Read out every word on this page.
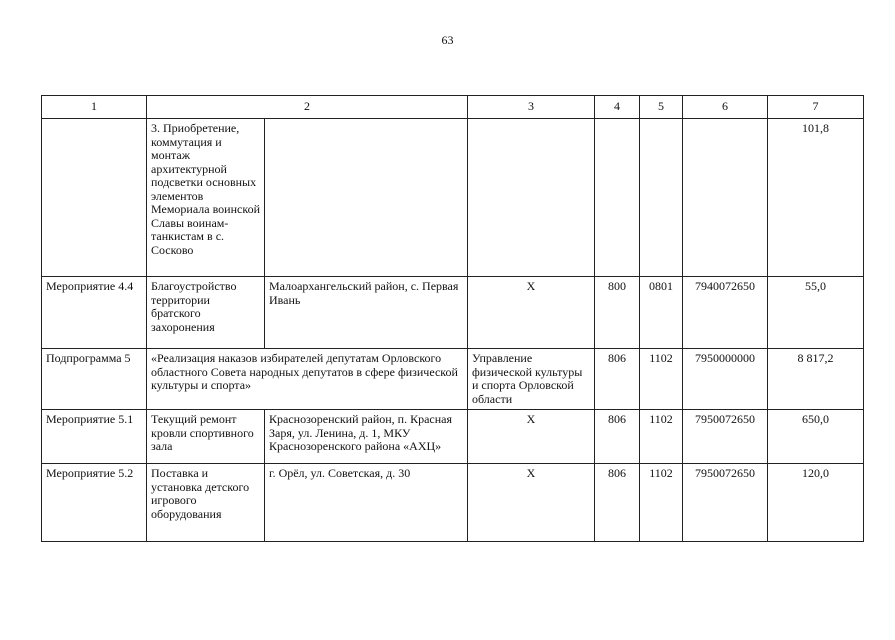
63
1	2		3	4	5	6	7
	3. Приобретение, коммутация и монтаж архитектурной подсветки основных элементов Мемориала воинской Славы воинам-танкистам в с. Сосково						101,8
Мероприятие 4.4	Благоустройство территории братского захоронения	Малоархангельский район, с. Первая Ивань	Х	800	0801	7940072650	55,0
Подпрограмма 5	«Реализация наказов избирателей депутатам Орловского областного Совета народных депутатов в сфере физической культуры и спорта»		Управление физической культуры и спорта Орловской области	806	1102	7950000000	8 817,2
Мероприятие 5.1	Текущий ремонт кровли спортивного зала	Краснозоренский район, п. Красная Заря, ул. Ленина, д. 1, МКУ Краснозоренского района «АХЦ»	Х	806	1102	7950072650	650,0
Мероприятие 5.2	Поставка и установка детского игрового оборудования	г. Орёл, ул. Советская, д. 30	Х	806	1102	7950072650	120,0
